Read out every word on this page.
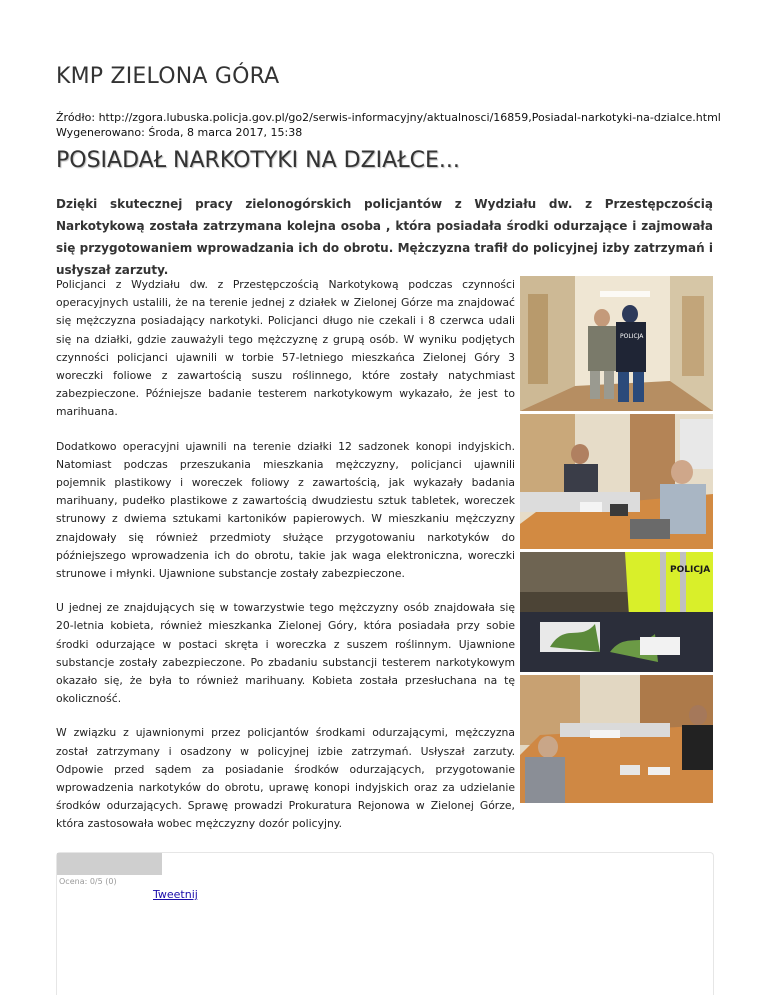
KMP ZIELONA GÓRA
Źródło: http://zgora.lubuska.policja.gov.pl/go2/serwis-informacyjny/aktualnosci/16859,Posiadal-narkotyki-na-dzialce.html
Wygenerowano: Środa, 8 marca 2017, 15:38
POSIADAŁ NARKOTYKI NA DZIAŁCE...

Dzięki skutecznej pracy zielonogórskich policjantów z Wydziału dw. z Przestępczością Narkotykową została zatrzymana kolejna osoba , która posiadała środki odurzające i zajmowała się przygotowaniem wprowadzania ich do obrotu. Mężczyzna trafił do policyjnej izby zatrzymań i usłyszał zarzuty.

Policjanci z Wydziału dw. z Przestępczością Narkotykową podczas czynności operacyjnych ustalili, że na terenie jednej z działek w Zielonej Górze ma znajdować się mężczyzna posiadający narkotyki. Policjanci długo nie czekali i 8 czerwca udali się na działki, gdzie zauważyli tego mężczyznę z grupą osób. W wyniku podjętych czynności policjanci ujawnili w torbie 57-letniego mieszkańca Zielonej Góry 3 woreczki foliowe z zawartością suszu roślinnego, które zostały natychmiast zabezpieczone. Późniejsze badanie testerem narkotykowym wykazało, że jest to marihuana.

Dodatkowo operacyjni ujawnili na terenie działki 12 sadzonek konopi indyjskich. Natomiast podczas przeszukania mieszkania mężczyzny, policjanci ujawnili pojemnik plastikowy i woreczek foliowy z zawartością, jak wykazały badania marihuany, pudełko plastikowe z zawartością dwudziestu sztuk tabletek, woreczek strunowy z dwiema sztukami kartoników papierowych. W mieszkaniu mężczyzny znajdowały się również przedmioty służące przygotowaniu narkotyków do późniejszego wprowadzenia ich do obrotu, takie jak waga elektroniczna, woreczki strunowe i młynki. Ujawnione substancje zostały zabezpieczone.

U jednej ze znajdujących się w towarzystwie tego mężczyzny osób znajdowała się 20-letnia kobieta, również mieszkanka Zielonej Góry, która posiadała przy sobie środki odurzające w postaci skręta i woreczka z suszem roślinnym. Ujawnione substancje zostały zabezpieczone. Po zbadaniu substancji testerem narkotykowym okazało się, że była to również marihuany. Kobieta została przesłuchana na tę okoliczność.

W związku z ujawnionymi przez policjantów środkami odurzającymi, mężczyzna został zatrzymany i osadzony w policyjnej izbie zatrzymań. Usłyszał zarzuty. Odpowie przed sądem za posiadanie środków odurzających, przygotowanie wprowadzenia narkotyków do obrotu, uprawę konopi indyjskich oraz za udzielanie środków odurzających. Sprawę prowadzi Prokuratura Rejonowa w Zielonej Górze, która zastosowała wobec mężczyzny dozór policyjny.

POLICJA
POLICJA
Ocena: 0/5 (0)
Tweetnij
